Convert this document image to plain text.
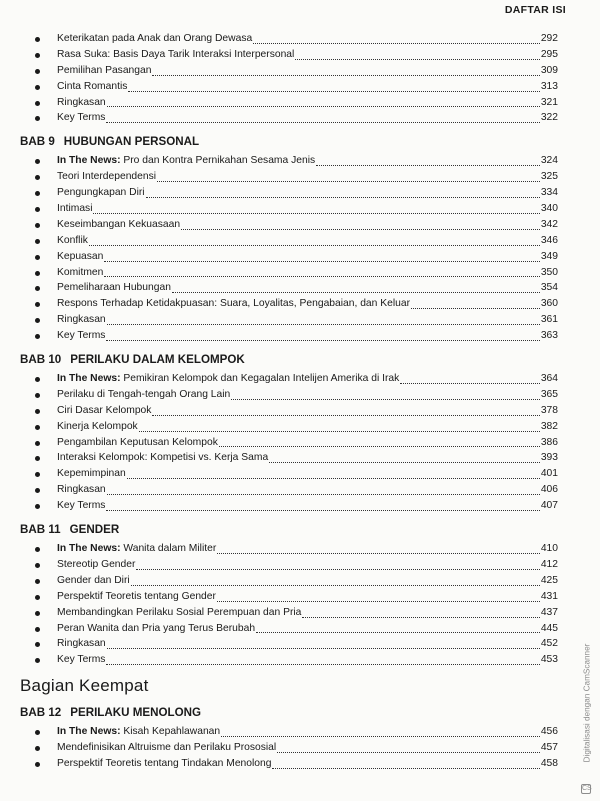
DAFTAR ISI
Keterikatan pada Anak dan Orang Dewasa	292
Rasa Suka: Basis Daya Tarik Interaksi Interpersonal	295
Pemilihan Pasangan	309
Cinta Romantis	313
Ringkasan	321
Key Terms	322
BAB 9 HUBUNGAN PERSONAL
In The News: Pro dan Kontra Pernikahan Sesama Jenis	324
Teori Interdependensi	325
Pengungkapan Diri	334
Intimasi	340
Keseimbangan Kekuasaan	342
Konflik	346
Kepuasan	349
Komitmen	350
Pemeliharaan Hubungan	354
Respons Terhadap Ketidakpuasan: Suara, Loyalitas, Pengabaian, dan Keluar	360
Ringkasan	361
Key Terms	363
BAB 10 PERILAKU DALAM KELOMPOK
In The News: Pemikiran Kelompok dan Kegagalan Intelijen Amerika di Irak	364
Perilaku di Tengah-tengah Orang Lain	365
Ciri Dasar Kelompok	378
Kinerja Kelompok	382
Pengambilan Keputusan Kelompok	386
Interaksi Kelompok: Kompetisi vs. Kerja Sama	393
Kepemimpinan	401
Ringkasan	406
Key Terms	407
BAB 11 GENDER
In The News: Wanita dalam Militer	410
Stereotip Gender	412
Gender dan Diri	425
Perspektif Teoretis tentang Gender	431
Membandingkan Perilaku Sosial Perempuan dan Pria	437
Peran Wanita dan Pria yang Terus Berubah	445
Ringkasan	452
Key Terms	453
Bagian Keempat
BAB 12 PERILAKU MENOLONG
In The News: Kisah Kepahlawanan	456
Mendefinisikan Altruisme dan Perilaku Prososial	457
Perspektif Teoretis tentang Tindakan Menolong	458
Digitalisasi dengan CamScanner
CS
